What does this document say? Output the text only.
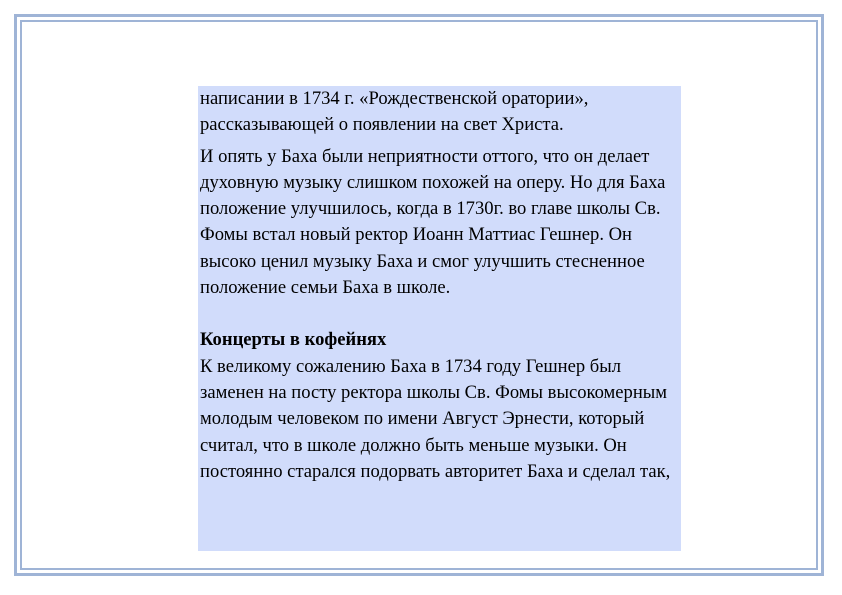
написании в 1734 г. «Рождественской оратории», рассказывающей о появлении на свет Христа.

И опять у Баха были неприятности оттого, что он делает духовную музыку слишком похожей на оперу. Но для Баха положение улучшилось, когда в 1730г. во главе школы Св. Фомы встал новый ректор Иоанн Маттиас Гешнер. Он высоко ценил музыку Баха и смог улучшить стесненное положение семьи Баха в школе.

Концерты в кофейнях

К великому сожалению Баха в 1734 году Гешнер был заменен на посту ректора школы Св. Фомы высокомерным молодым человеком по имени Август Эрнести, который считал, что в школе должно быть меньше музыки. Он постоянно старался подорвать авторитет Баха и сделал так,
